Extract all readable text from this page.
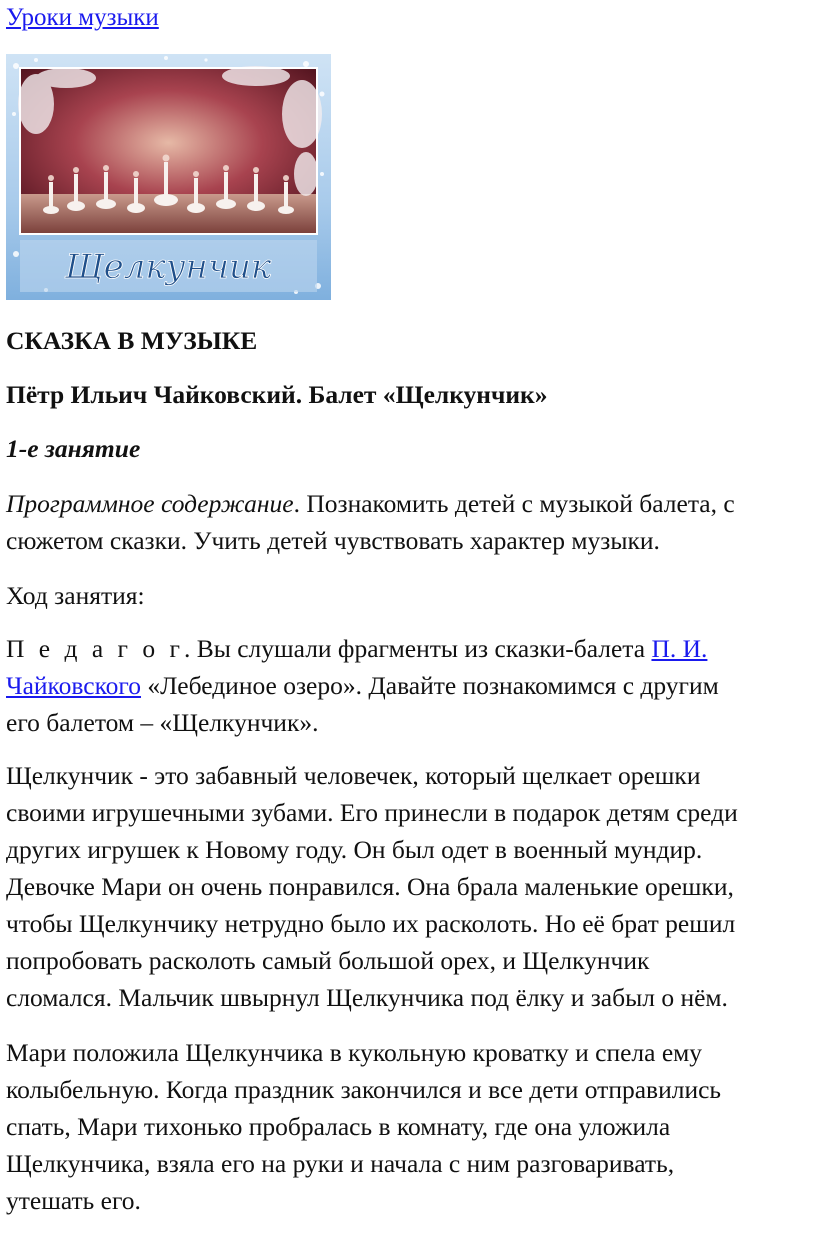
Уроки музыки
Щелкунчик

СКАЗКА В МУЗЫКЕ

Пётр Ильич Чайковский. Балет «Щелкунчик»

1-е занятие

Программное содержание. Познакомить детей с музыкой балета, с
сюжетом сказки. Учить детей чувствовать характер музыки.

Ход занятия:

П е д а г о г. Вы слушали фрагменты из сказки-балета П. И.
Чайковского «Лебединое озеро». Давайте познакомимся с другим
его балетом – «Щелкунчик».

Щелкунчик - это забавный человечек, который щелкает орешки
своими игрушечными зубами. Его принесли в подарок детям среди
других игрушек к Новому году. Он был одет в военный мундир.
Девочке Мари он очень понравился. Она брала маленькие орешки,
чтобы Щелкунчику нетрудно было их расколоть. Но её брат решил
попробовать расколоть самый большой орех, и Щелкунчик
сломался. Мальчик швырнул Щелкунчика под ёлку и забыл о нём.

Мари положила Щелкунчика в кукольную кроватку и спела ему
колыбельную. Когда праздник закончился и все дети отправились
спать, Мари тихонько пробралась в комнату, где она уложила
Щелкунчика, взяла его на руки и начала с ним разговаривать,
утешать его.
